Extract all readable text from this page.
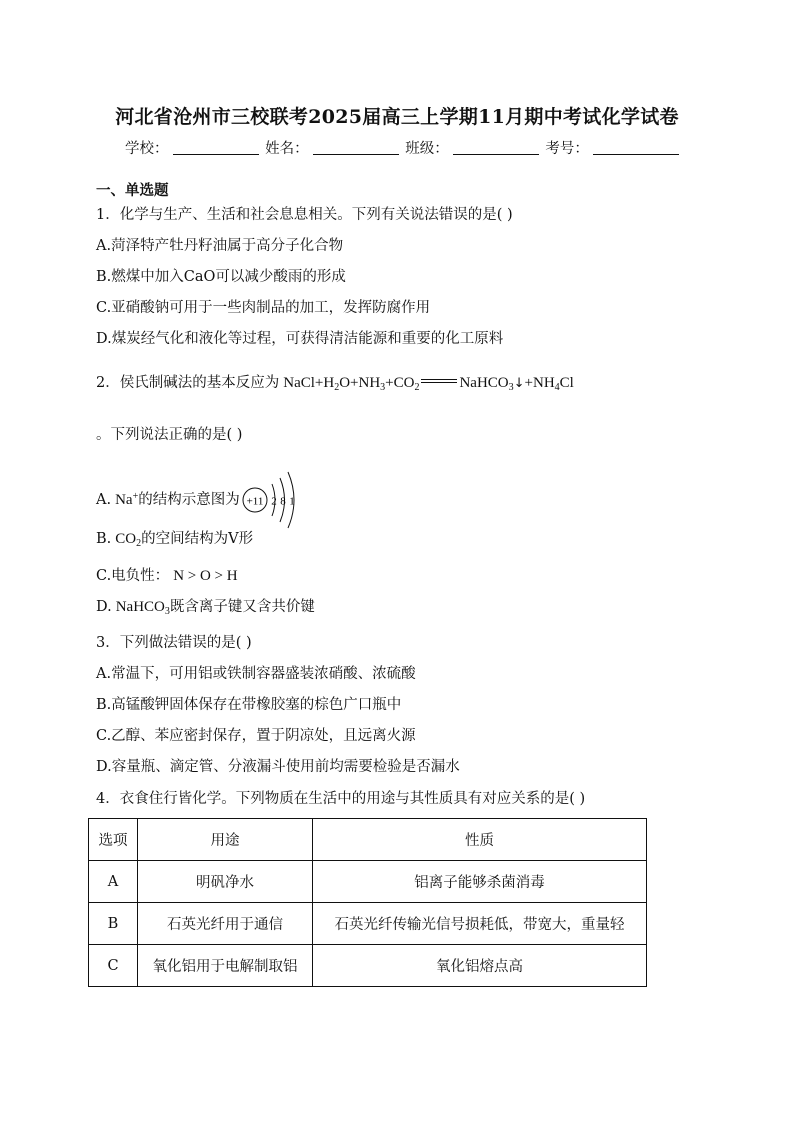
河北省沧州市三校联考2025届高三上学期11月期中考试化学试卷
学校：	姓名：	班级：	考号：
一、单选题
1．化学与生产、生活和社会息息相关。下列有关说法错误的是( )
A.菏泽特产牡丹籽油属于高分子化合物
B.燃煤中加入CaO可以减少酸雨的形成
C.亚硝酸钠可用于一些肉制品的加工，发挥防腐作用
D.煤炭经气化和液化等过程，可获得清洁能源和重要的化工原料
2．侯氏制碱法的基本反应为 $NaCl+H_2O+NH_3+CO_2$	$NaHCO_3↓+NH_4Cl$
。下列说法正确的是( )
A. Na+的结构示意图为 +11 2 8 1
B. $CO_2$的空间结构为V形
C.电负性： N > O > H
D. NaHCO$_3$既含离子键又含共价键
3．下列做法错误的是( )
A.常温下，可用铝或铁制容器盛装浓硝酸、浓硫酸
B.高锰酸钾固体保存在带橡胶塞的棕色广口瓶中
C.乙醇、苯应密封保存，置于阴凉处，且远离火源
D.容量瓶、滴定管、分液漏斗使用前均需要检验是否漏水
4．衣食住行皆化学。下列物质在生活中的用途与其性质具有对应关系的是( )
选项	用途	性质
A	明矾净水	铝离子能够杀菌消毒
B	石英光纤用于通信	石英光纤传输光信号损耗低，带宽大，重量轻
C	氧化铝用于电解制取铝	氧化铝熔点高
